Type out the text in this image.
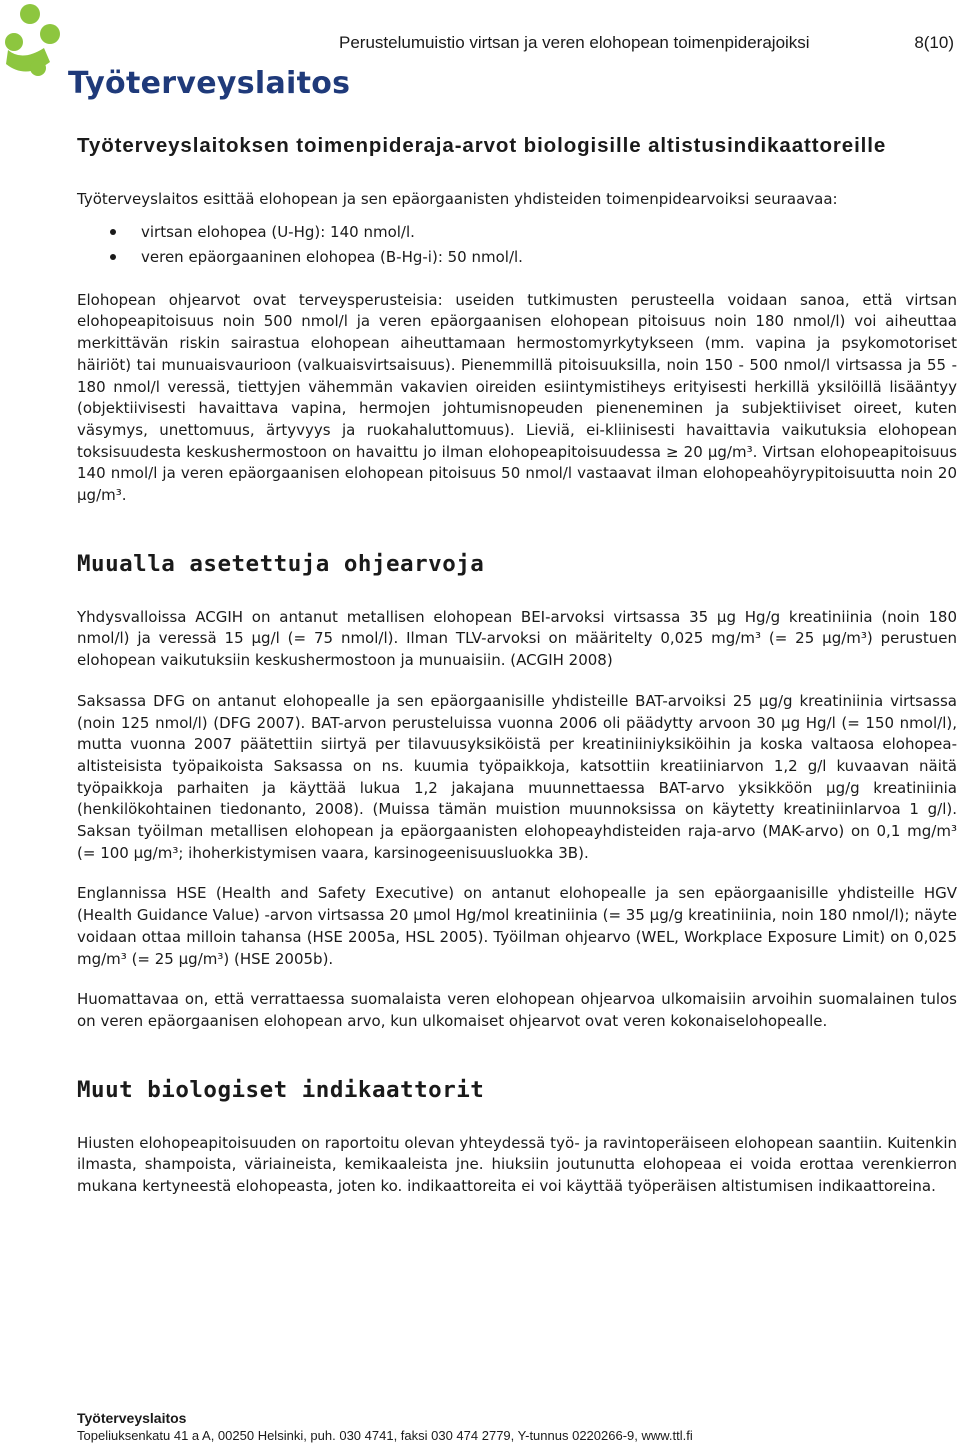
Työterveyslaitos
Perustelumuistio virtsan ja veren elohopean toimenpiderajoiksi	8(10)
Työterveyslaitoksen toimenpideraja-arvot biologisille altistusindikaattoreille

Työterveyslaitos esittää elohopean ja sen epäorgaanisten yhdisteiden toimenpidearvoiksi seuraavaa:

virtsan elohopea (U-Hg): 140 nmol/l.
veren epäorgaaninen elohopea (B-Hg-i): 50 nmol/l.

Elohopean ohjearvot ovat terveysperusteisia: useiden tutkimusten perusteella voidaan sanoa, että virtsan elohopeapitoisuus noin 500 nmol/l ja veren epäorgaanisen elohopean pitoisuus noin 180 nmol/l) voi aiheuttaa merkittävän riskin sairastua elohopean aiheuttamaan hermostomyrkytykseen (mm. vapina ja psykomotoriset häiriöt) tai munuaisvaurioon (valkuaisvirtsaisuus). Pienemmillä pitoisuuksilla, noin 150 - 500 nmol/l virtsassa ja 55 - 180 nmol/l veressä, tiettyjen vähemmän vakavien oireiden esiintymistiheys erityisesti herkillä yksilöillä lisääntyy (objektiivisesti havaittava vapina, hermojen johtumisnopeuden pieneneminen ja subjektiiviset oireet, kuten väsymys, unettomuus, ärtyvyys ja ruokahaluttomuus). Lieviä, ei-kliinisesti havaittavia vaikutuksia elohopean toksisuudesta keskushermostoon on havaittu jo ilman elohopeapitoisuudessa ≥ 20 µg/m³. Virtsan elohopeapitoisuus 140 nmol/l ja veren epäorgaanisen elohopean pitoisuus 50 nmol/l vastaavat ilman elohopeahöyrypitoisuutta noin 20 µg/m³.

Muualla asetettuja ohjearvoja

Yhdysvalloissa ACGIH on antanut metallisen elohopean BEI-arvoksi virtsassa 35 µg Hg/g kreatiniinia (noin 180 nmol/l) ja veressä 15 µg/l (= 75 nmol/l). Ilman TLV-arvoksi on määritelty 0,025 mg/m³ (= 25 µg/m³) perustuen elohopean vaikutuksiin keskushermostoon ja munuaisiin. (ACGIH 2008)

Saksassa DFG on antanut elohopealle ja sen epäorgaanisille yhdisteille BAT-arvoiksi 25 µg/g kreatiniinia virtsassa (noin 125 nmol/l) (DFG 2007). BAT-arvon perusteluissa vuonna 2006 oli päädytty arvoon 30 µg Hg/l (= 150 nmol/l), mutta vuonna 2007 päätettiin siirtyä per tilavuusyksiköistä per kreatiniiniyksiköihin ja koska valtaosa elohopea-altisteisista työpaikoista Saksassa on ns. kuumia työpaikkoja, katsottiin kreatiiniarvon 1,2 g/l kuvaavan näitä työpaikkoja parhaiten ja käyttää lukua 1,2 jakajana muunnettaessa BAT-arvo yksikköön µg/g kreatiniinia (henkilökohtainen tiedonanto, 2008). (Muissa tämän muistion muunnoksissa on käytetty kreatiniinIarvoa 1 g/l). Saksan työilman metallisen elohopean ja epäorgaanisten elohopeayhdisteiden raja-arvo (MAK-arvo) on 0,1 mg/m³ (= 100 µg/m³; ihoherkistymisen vaara, karsinogeenisuusluokka 3B).

Englannissa HSE (Health and Safety Executive) on antanut elohopealle ja sen epäorgaanisille yhdisteille HGV (Health Guidance Value) -arvon virtsassa 20 µmol Hg/mol kreatiniinia (= 35 µg/g kreatiniinia, noin 180 nmol/l); näyte voidaan ottaa milloin tahansa (HSE 2005a, HSL 2005). Työilman ohjearvo (WEL, Workplace Exposure Limit) on 0,025 mg/m³ (= 25 µg/m³) (HSE 2005b).

Huomattavaa on, että verrattaessa suomalaista veren elohopean ohjearvoa ulkomaisiin arvoihin suomalainen tulos on veren epäorgaanisen elohopean arvo, kun ulkomaiset ohjearvot ovat veren kokonaiselohopealle.

Muut biologiset indikaattorit

Hiusten elohopeapitoisuuden on raportoitu olevan yhteydessä työ- ja ravintoperäiseen elohopean saantiin. Kuitenkin ilmasta, shampoista, väriaineista, kemikaaleista jne. hiuksiin joutunutta elohopeaa ei voida erottaa verenkierron mukana kertyneestä elohopeasta, joten ko. indikaattoreita ei voi käyttää työperäisen altistumisen indikaattoreina.

Työterveyslaitos
Topeliuksenkatu 41 a A, 00250 Helsinki, puh. 030 4741, faksi 030 474 2779, Y-tunnus 0220266-9, www.ttl.fi
